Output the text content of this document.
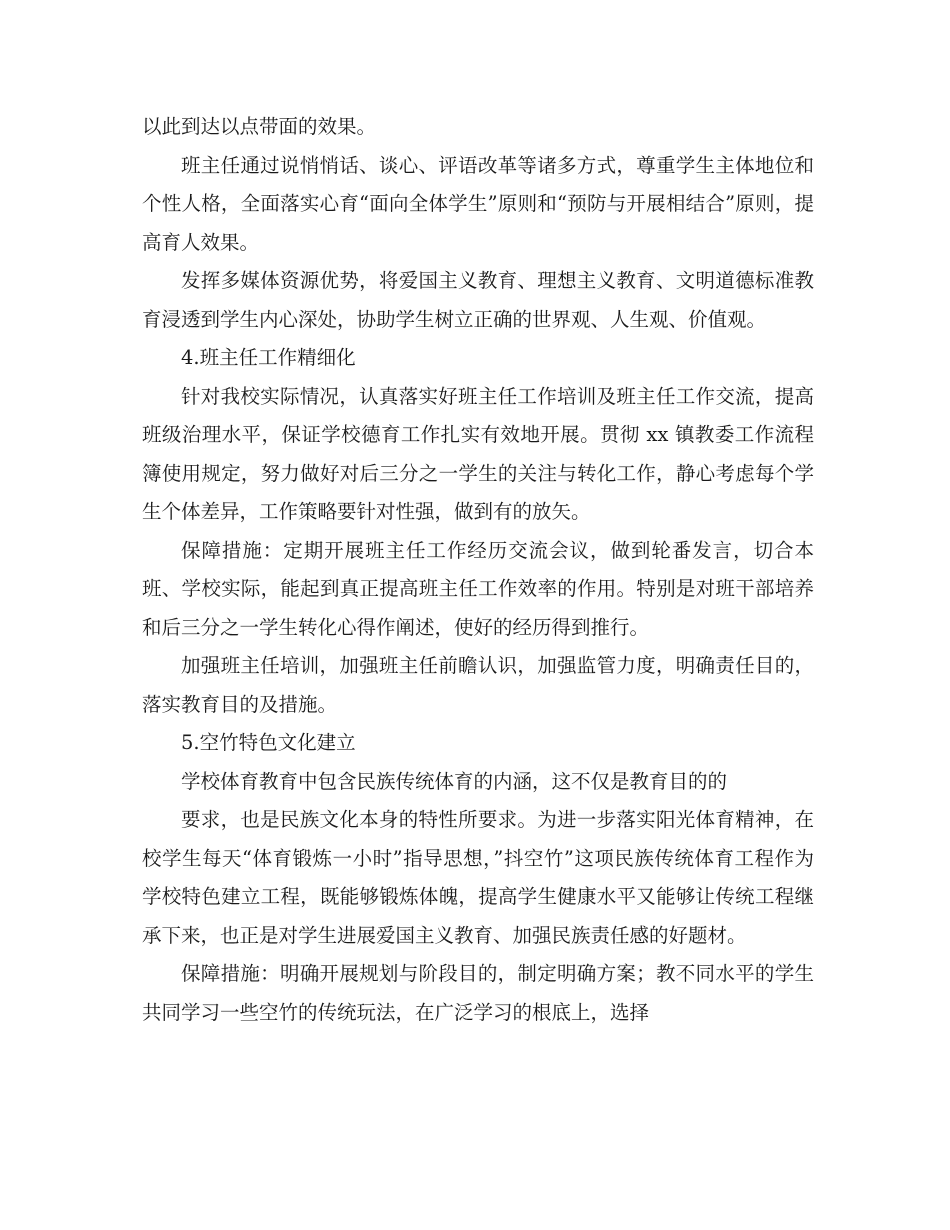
以此到达以点带面的效果。

班主任通过说悄悄话、谈心、评语改革等诸多方式，尊重学生主体地位和个性人格，全面落实心育“面向全体学生”原则和“预防与开展相结合”原则，提高育人效果。

发挥多媒体资源优势，将爱国主义教育、理想主义教育、文明道德标准教育浸透到学生内心深处，协助学生树立正确的世界观、人生观、价值观。

4.班主任工作精细化

针对我校实际情况，认真落实好班主任工作培训及班主任工作交流，提高班级治理水平，保证学校德育工作扎实有效地开展。贯彻 xx 镇教委工作流程簿使用规定，努力做好对后三分之一学生的关注与转化工作，静心考虑每个学生个体差异，工作策略要针对性强，做到有的放矢。

保障措施：定期开展班主任工作经历交流会议，做到轮番发言，切合本班、学校实际，能起到真正提高班主任工作效率的作用。特别是对班干部培养和后三分之一学生转化心得作阐述，使好的经历得到推行。

加强班主任培训，加强班主任前瞻认识，加强监管力度，明确责任目的，落实教育目的及措施。

5.空竹特色文化建立

学校体育教育中包含民族传统体育的内涵，这不仅是教育目的的

要求，也是民族文化本身的特性所要求。为进一步落实阳光体育精神，在校学生每天“体育锻炼一小时”指导思想，”抖空竹”这项民族传统体育工程作为学校特色建立工程，既能够锻炼体魄，提高学生健康水平又能够让传统工程继承下来，也正是对学生进展爱国主义教育、加强民族责任感的好题材。

保障措施：明确开展规划与阶段目的，制定明确方案；教不同水平的学生共同学习一些空竹的传统玩法，在广泛学习的根底上，选择
